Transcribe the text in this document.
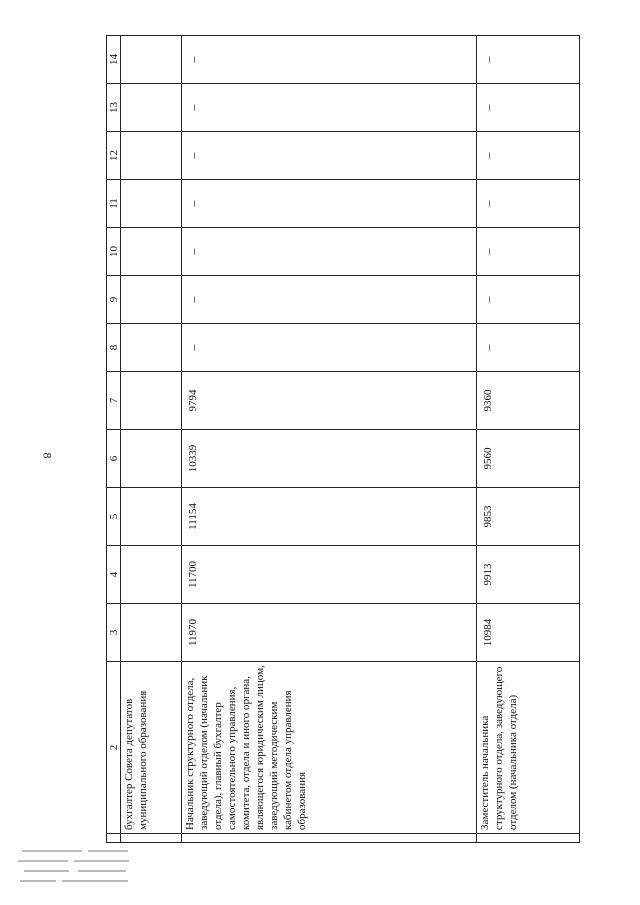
8
	2	3	4	5	6	7	8	9	10	11	12	13	14
	бухгалтер Совета депутатов муниципального образования												
	Начальник структурного отдела, заведующий отделом (начальник отдела), главный бухгалтер самостоятельного управления, комитета, отдела и иного органа, являющегося юридическим лицом, заведующий методическим кабинетом отдела управления образования	11970	11700	11154	10339	9794	–	–	–	–	–	–	–
	Заместитель начальника структурного отдела, заведующего отделом (начальника отдела)	10984	9913	9853	9560	9360	–	–	–	–	–	–	–
